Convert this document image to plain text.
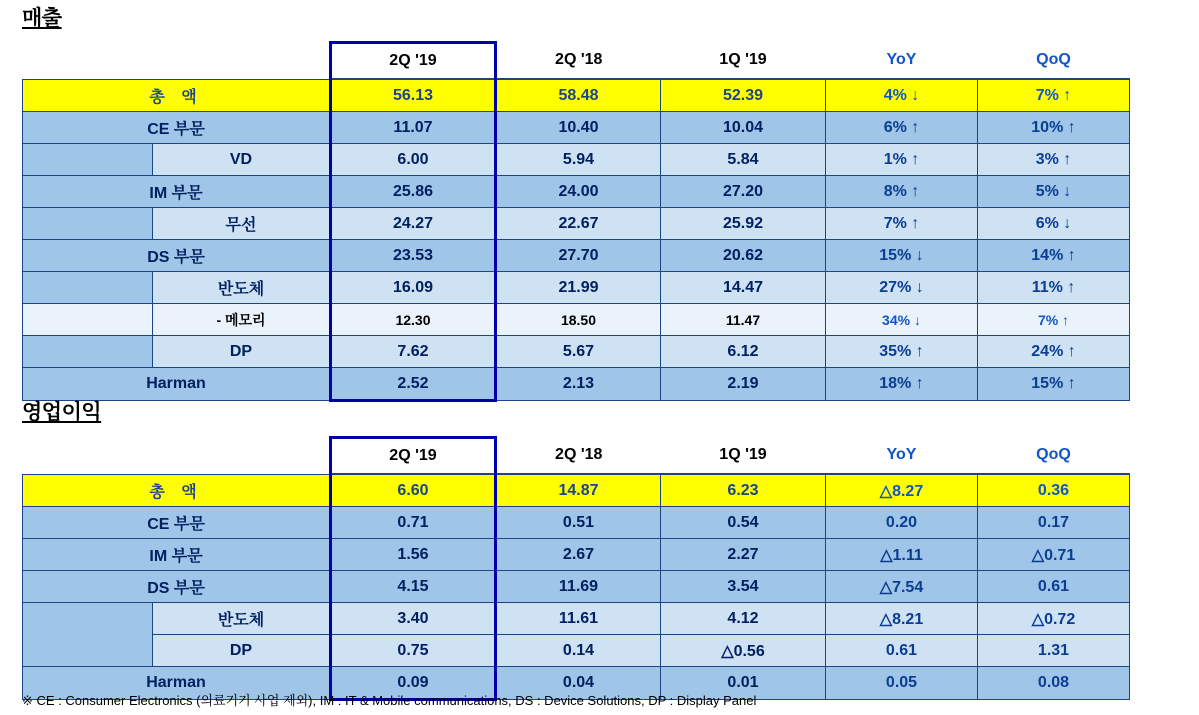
매출
		2Q '19	2Q '18	1Q '19	YoY	QoQ
총 액		56.13	58.48	52.39	4% ↓	7% ↑
CE 부문		11.07	10.40	10.04	6% ↑	10% ↑
	VD	6.00	5.94	5.84	1% ↑	3% ↑
IM 부문		25.86	24.00	27.20	8% ↑	5% ↓
	무선	24.27	22.67	25.92	7% ↑	6% ↓
DS 부문		23.53	27.70	20.62	15% ↓	14% ↑
	반도체	16.09	21.99	14.47	27% ↓	11% ↑
	- 메모리	12.30	18.50	11.47	34% ↓	7% ↑
	DP	7.62	5.67	6.12	35% ↑	24% ↑
Harman		2.52	2.13	2.19	18% ↑	15% ↑
영업이익
		2Q '19	2Q '18	1Q '19	YoY	QoQ
총 액		6.60	14.87	6.23	△8.27	0.36
CE 부문		0.71	0.51	0.54	0.20	0.17
IM 부문		1.56	2.67	2.27	△1.11	△0.71
DS 부문		4.15	11.69	3.54	△7.54	0.61
	반도체	3.40	11.61	4.12	△8.21	△0.72
	DP	0.75	0.14	△0.56	0.61	1.31
Harman		0.09	0.04	0.01	0.05	0.08
※ CE : Consumer Electronics (의료기기 사업 제외), IM : IT & Mobile communications, DS : Device Solutions, DP : Display Panel
